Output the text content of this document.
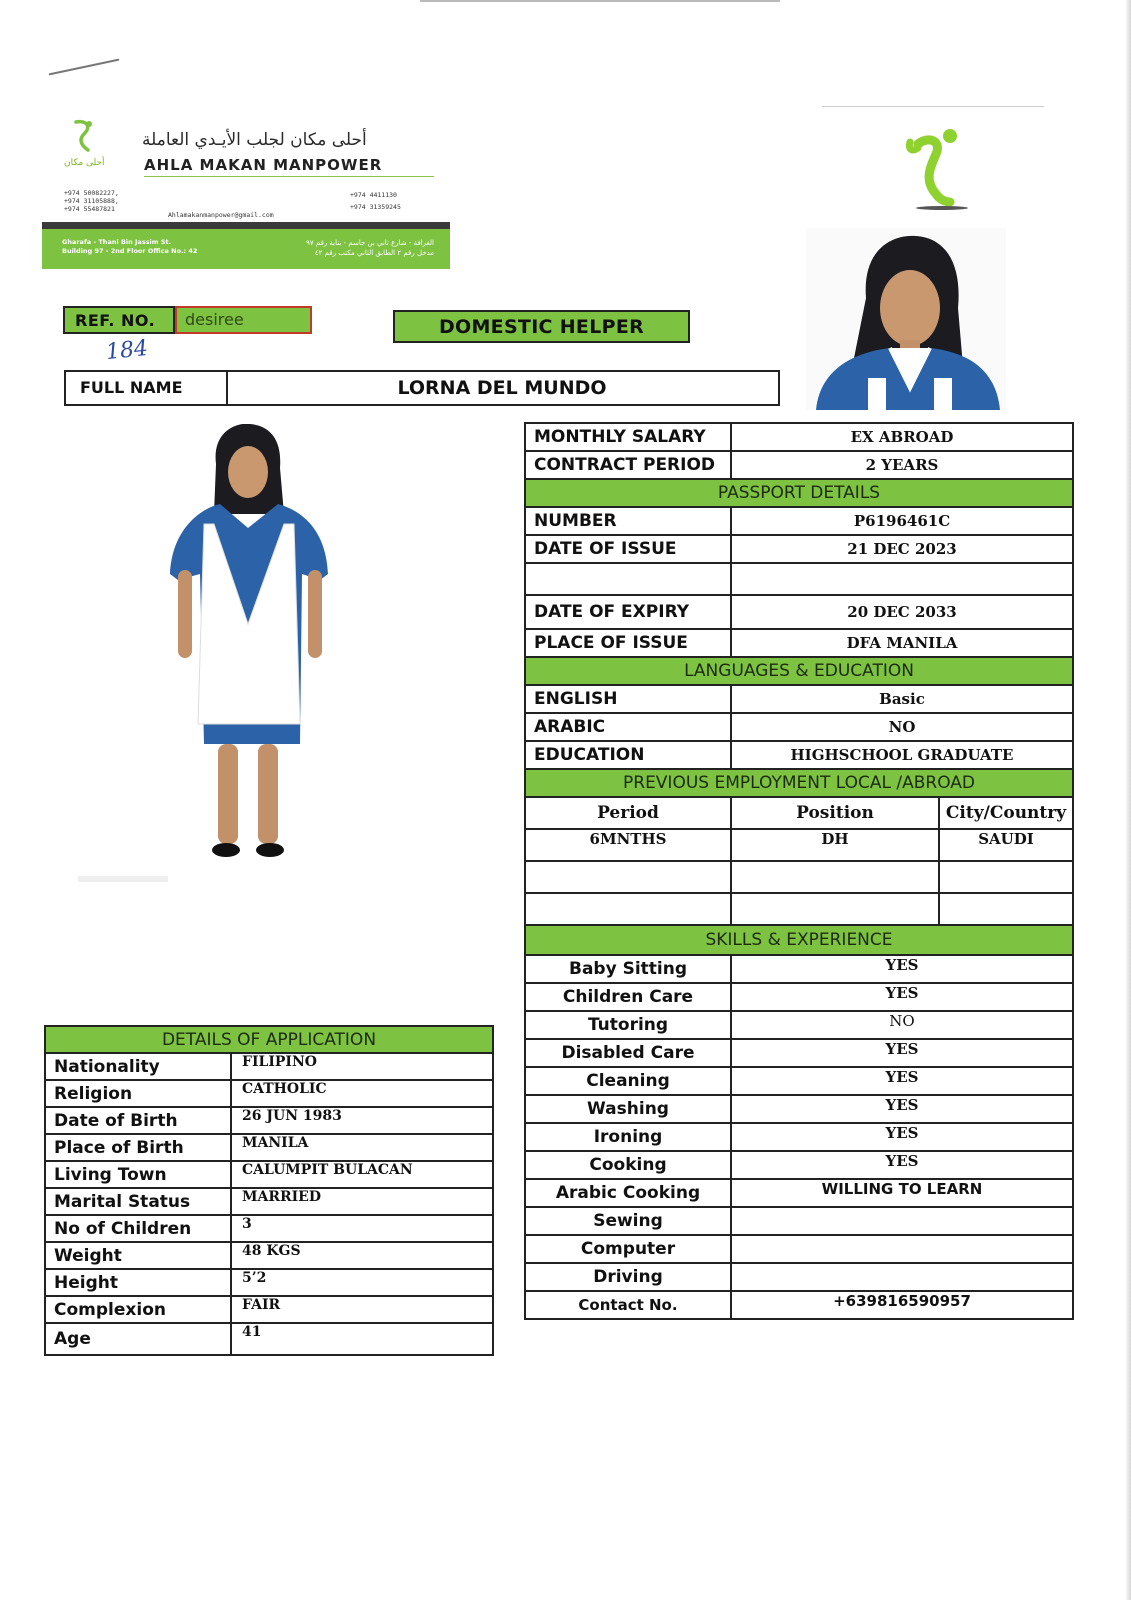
أحلى مكان
أحلى مكان لجلب الأيـدي العاملة
AHLA MAKAN MANPOWER
+974 50082227,
+974 31105888,
+974 55487821
+974 4411130
+974 31359245
Ahlamakanmanpower@gmail.com
Gharafa - Thani Bin Jassim St.
Building 97 - 2nd Floor Office No.: 42
الغرافة - شارع ثاني بن جاسم - بناية رقم ٩٧
مدخل رقم ٢ الطابق الثاني مكتب رقم ٤٢
REF. NO.	desiree
184
DOMESTIC HELPER
FULL NAME	LORNA DEL MUNDO
MONTHLY SALARY	EX ABROAD	
CONTRACT PERIOD	2 YEARS	
PASSPORT DETAILS		
NUMBER	P6196461C	
DATE OF ISSUE	21 DEC 2023	

DATE OF EXPIRY	20 DEC 2033	
PLACE OF ISSUE	DFA MANILA	
LANGUAGES & EDUCATION		
ENGLISH	Basic	
ARABIC	NO	
EDUCATION	HIGHSCHOOL GRADUATE	
PREVIOUS EMPLOYMENT LOCAL /ABROAD		
Period	Position	City/Country
6MNTHS	DH	SAUDI

SKILLS & EXPERIENCE		
Baby Sitting	YES	
Children Care	YES	
Tutoring	NO	
Disabled Care	YES	
Cleaning	YES	
Washing	YES	
Ironing	YES	
Cooking	YES	
Arabic Cooking	WILLING TO LEARN	
Sewing		
Computer		
Driving		
Contact No.	+639816590957	
DETAILS OF APPLICATION	
Nationality	FILIPINO
Religion	CATHOLIC
Date of Birth	26 JUN 1983
Place of Birth	MANILA
Living Town	CALUMPIT BULACAN
Marital Status	MARRIED
No of Children	3
Weight	48 KGS
Height	5’2
Complexion	FAIR
Age	41
